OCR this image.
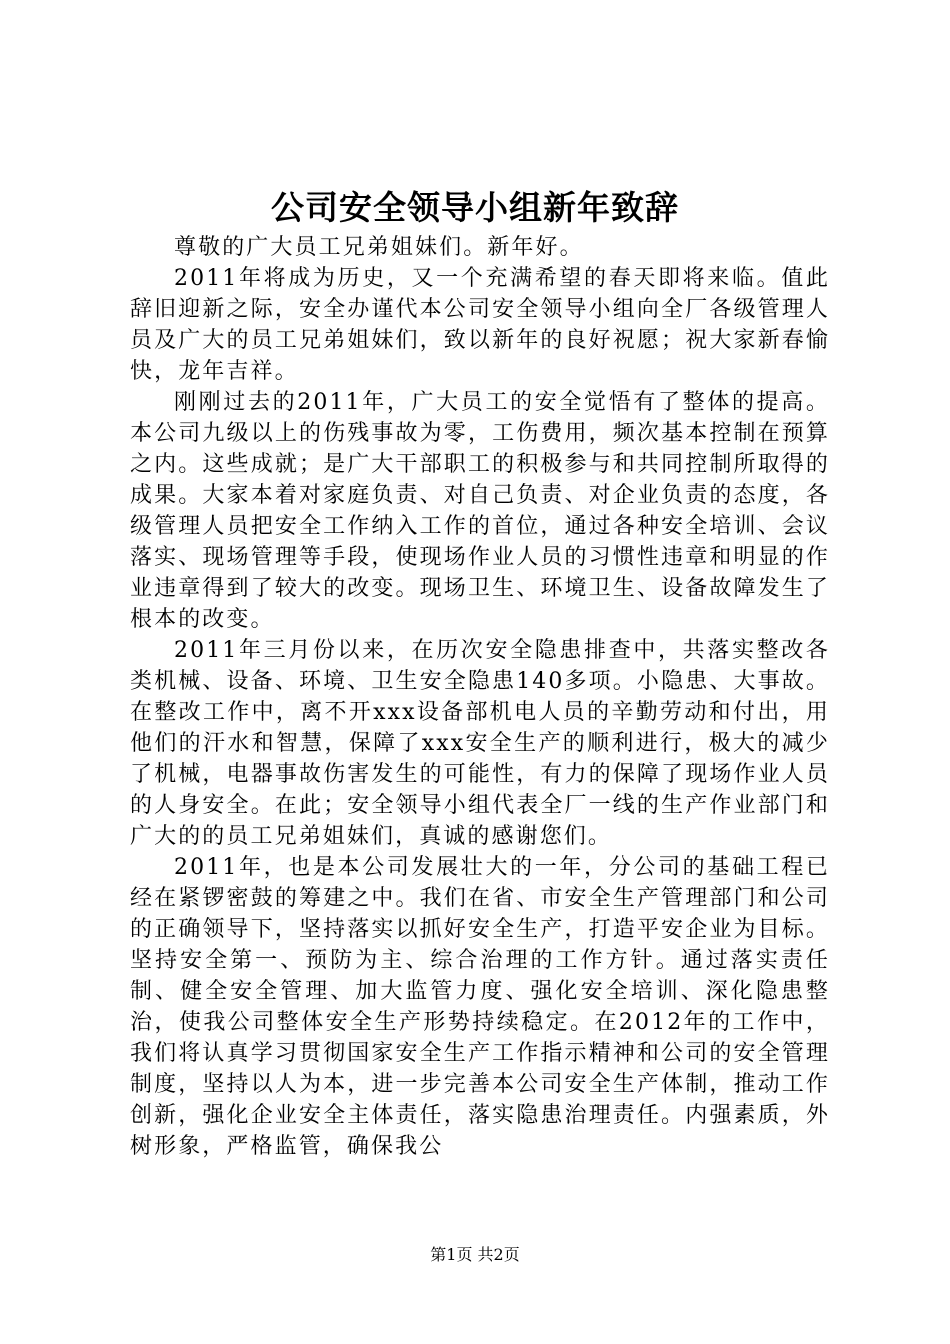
公司安全领导小组新年致辞

尊敬的广大员工兄弟姐妹们。新年好。

2011年将成为历史，又一个充满希望的春天即将来临。值此辞旧迎新之际，安全办谨代本公司安全领导小组向全厂各级管理人员及广大的员工兄弟姐妹们，致以新年的良好祝愿；祝大家新春愉快，龙年吉祥。

刚刚过去的2011年，广大员工的安全觉悟有了整体的提高。本公司九级以上的伤残事故为零，工伤费用，频次基本控制在预算之内。这些成就；是广大干部职工的积极参与和共同控制所取得的成果。大家本着对家庭负责、对自己负责、对企业负责的态度，各级管理人员把安全工作纳入工作的首位，通过各种安全培训、会议落实、现场管理等手段，使现场作业人员的习惯性违章和明显的作业违章得到了较大的改变。现场卫生、环境卫生、设备故障发生了根本的改变。

2011年三月份以来，在历次安全隐患排查中，共落实整改各类机械、设备、环境、卫生安全隐患140多项。小隐患、大事故。在整改工作中，离不开xxx设备部机电人员的辛勤劳动和付出，用他们的汗水和智慧，保障了xxx安全生产的顺利进行，极大的减少了机械，电器事故伤害发生的可能性，有力的保障了现场作业人员的人身安全。在此；安全领导小组代表全厂一线的生产作业部门和广大的的员工兄弟姐妹们，真诚的感谢您们。

2011年，也是本公司发展壮大的一年，分公司的基础工程已经在紧锣密鼓的筹建之中。我们在省、市安全生产管理部门和公司的正确领导下，坚持落实以抓好安全生产，打造平安企业为目标。坚持安全第一、预防为主、综合治理的工作方针。通过落实责任制、健全安全管理、加大监管力度、强化安全培训、深化隐患整治，使我公司整体安全生产形势持续稳定。在2012年的工作中，我们将认真学习贯彻国家安全生产工作指示精神和公司的安全管理制度，坚持以人为本，进一步完善本公司安全生产体制，推动工作创新，强化企业安全主体责任，落实隐患治理责任。内强素质，外树形象，严格监管，确保我公

第1页 共2页
